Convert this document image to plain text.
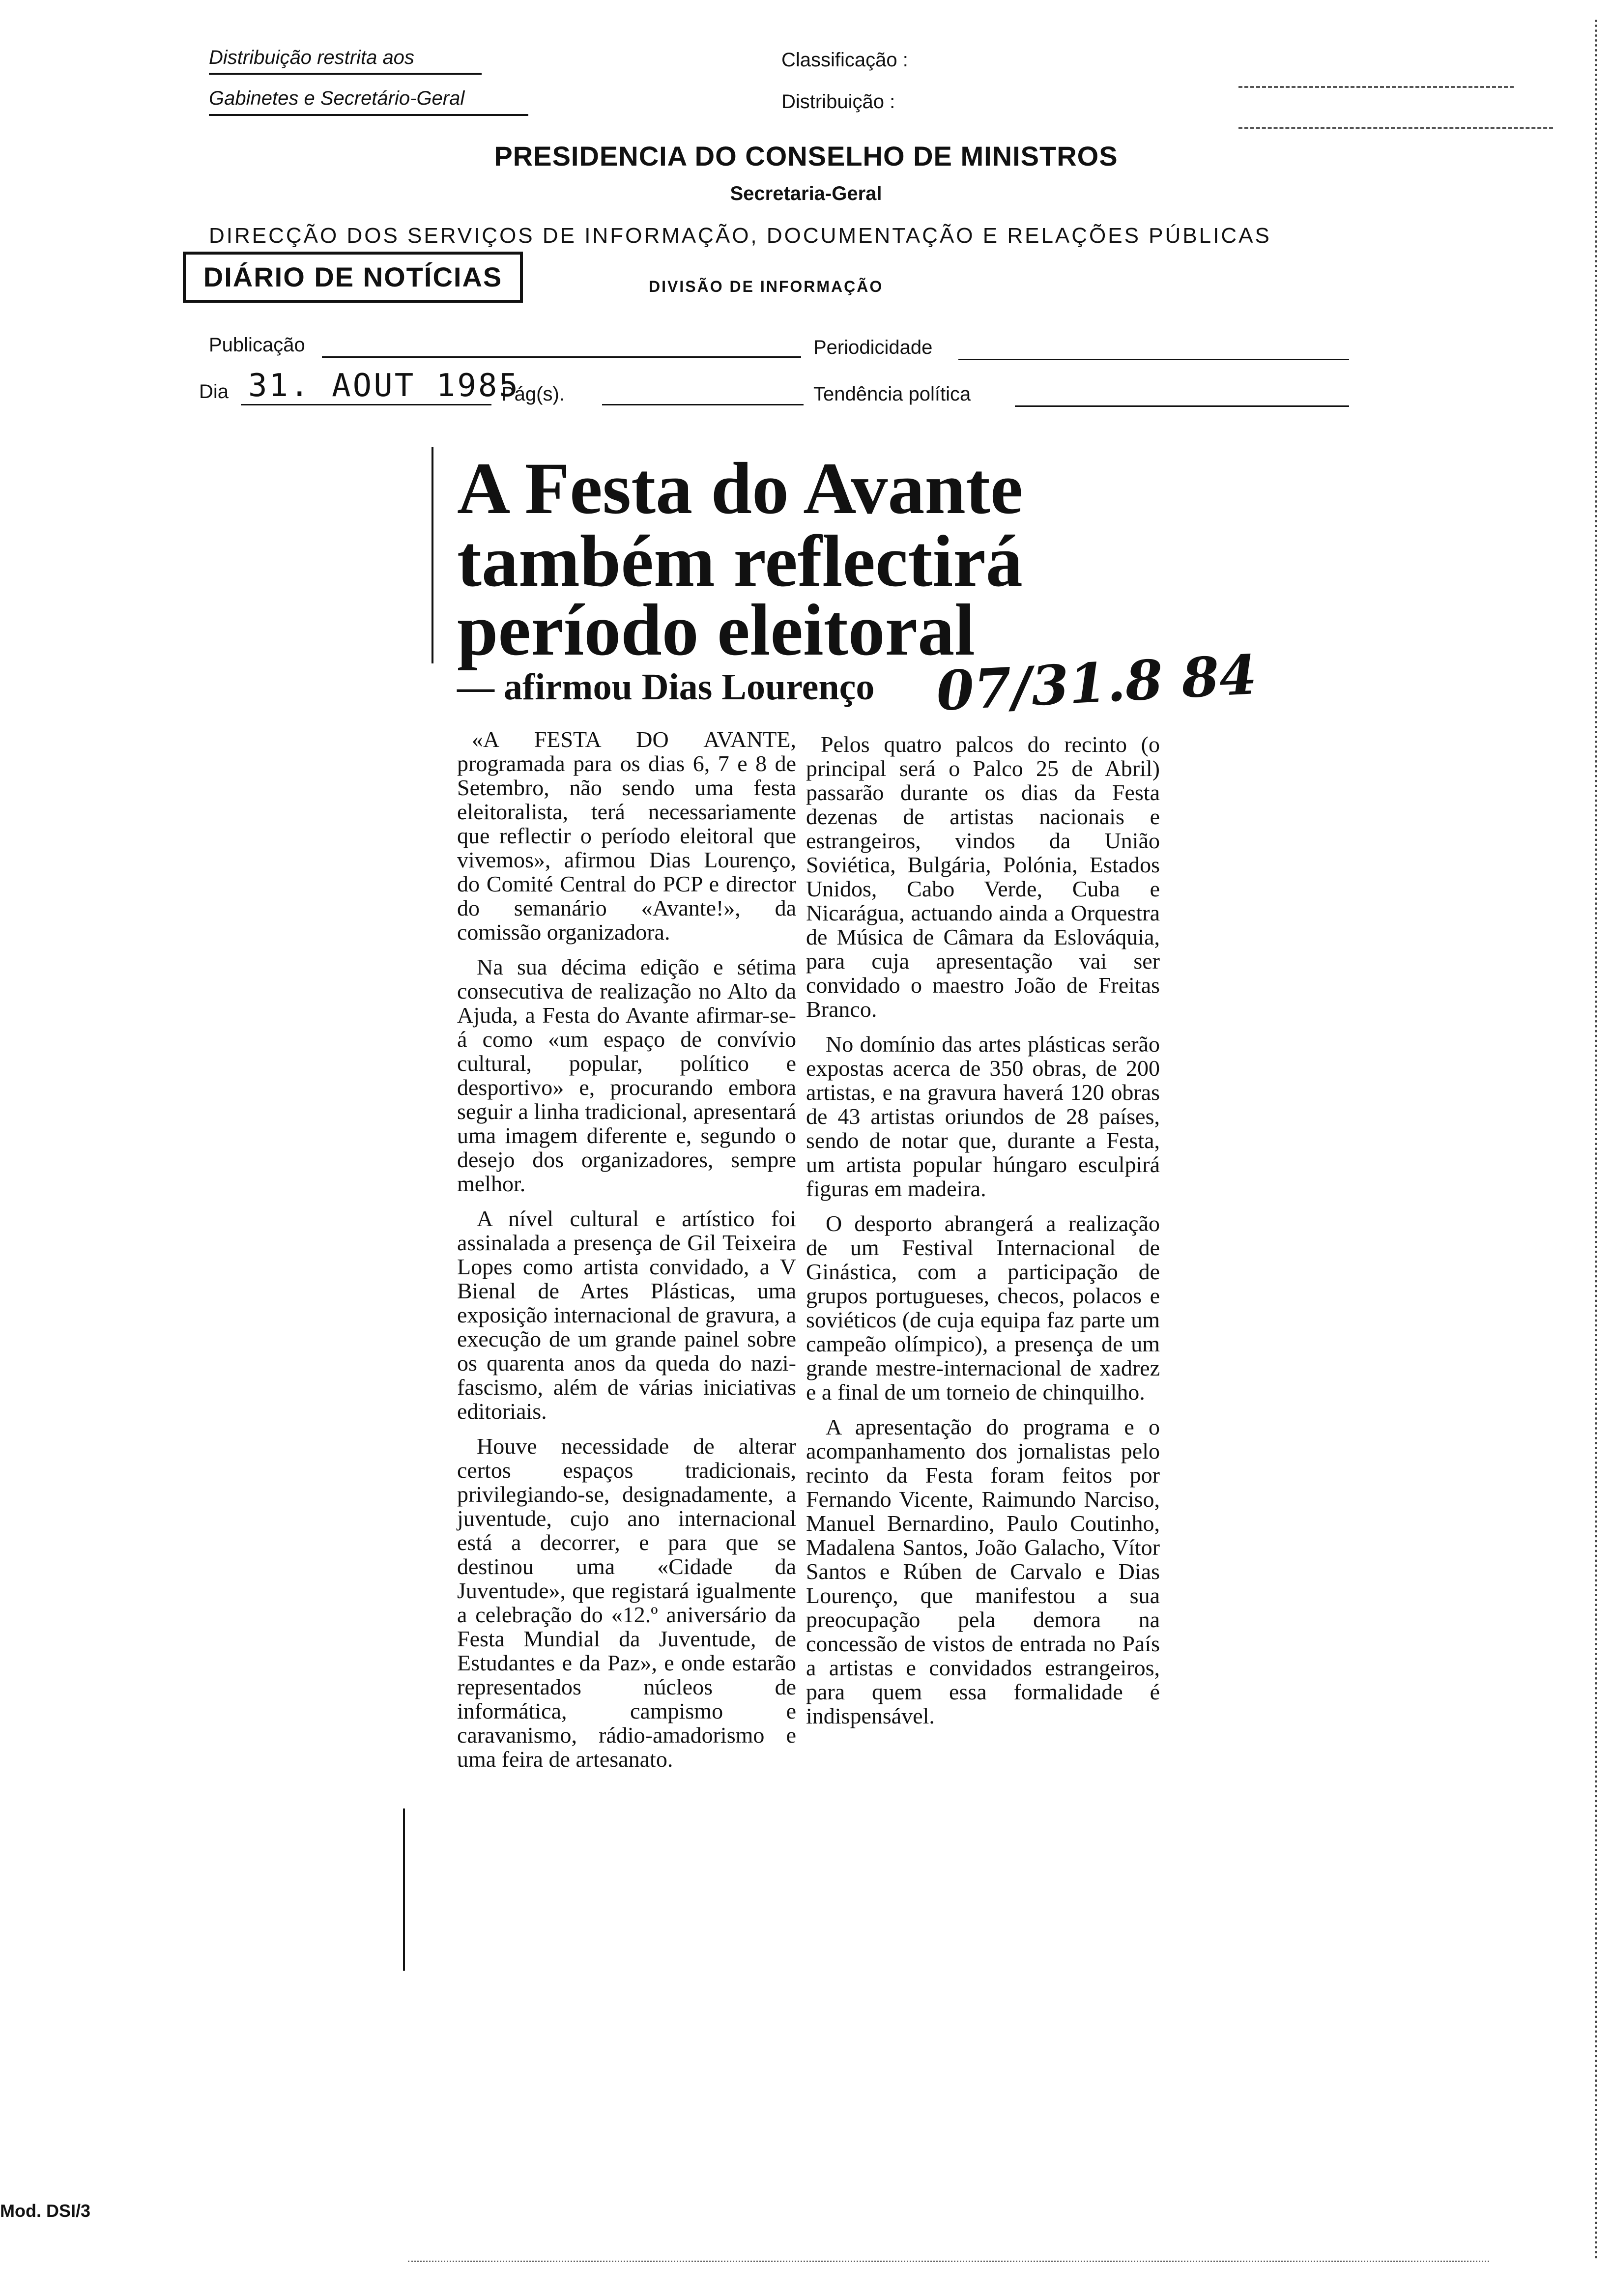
Distribuição restrita aos
Gabinetes e Secretário-Geral
Classificação :
Distribuição :
PRESIDENCIA DO CONSELHO DE MINISTROS
Secretaria-Geral
DIRECÇÃO DOS SERVIÇOS DE INFORMAÇÃO, DOCUMENTAÇÃO E RELAÇÕES PÚBLICAS
DIÁRIO DE NOTÍCIAS	DIVISÃO DE INFORMAÇÃO
Publicação	Periodicidade
Dia 31. AOUT 1985
Pág(s).	Tendência política
A Festa do Avante
também reflectirá
período eleitoral
— afirmou Dias Lourenço 07/31.8 84

«A FESTA DO AVANTE, programada para os dias 6, 7 e 8 de Setembro, não sendo uma festa eleitoralista, terá necessariamente que reflectir o período eleitoral que vivemos», afirmou Dias Lourenço, do Comité Central do PCP e director do semanário «Avante!», da comissão organizadora.

Na sua décima edição e sétima consecutiva de realização no Alto da Ajuda, a Festa do Avante afirmar-se-á como «um espaço de convívio cultural, popular, político e desportivo» e, procurando embora seguir a linha tradicional, apresentará uma imagem diferente e, segundo o desejo dos organizadores, sempre melhor.

A nível cultural e artístico foi assinalada a presença de Gil Teixeira Lopes como artista convidado, a V Bienal de Artes Plásticas, uma exposição internacional de gravura, a execução de um grande painel sobre os quarenta anos da queda do nazi-fascismo, além de várias iniciativas editoriais.

Houve necessidade de alterar certos espaços tradicionais, privilegiando-se, designadamente, a juventude, cujo ano internacional está a decorrer, e para que se destinou uma «Cidade da Juventude», que registará igualmente a celebração do «12.º aniversário da Festa Mundial da Juventude, de Estudantes e da Paz», e onde estarão representados núcleos de informática, campismo e caravanismo, rádio-amadorismo e uma feira de artesanato.

Pelos quatro palcos do recinto (o principal será o Palco 25 de Abril) passarão durante os dias da Festa dezenas de artistas nacionais e estrangeiros, vindos da União Soviética, Bulgária, Polónia, Estados Unidos, Cabo Verde, Cuba e Nicarágua, actuando ainda a Orquestra de Música de Câmara da Eslováquia, para cuja apresentação vai ser convidado o maestro João de Freitas Branco.

No domínio das artes plásticas serão expostas acerca de 350 obras, de 200 artistas, e na gravura haverá 120 obras de 43 artistas oriundos de 28 países, sendo de notar que, durante a Festa, um artista popular húngaro esculpirá figuras em madeira.

O desporto abrangerá a realização de um Festival Internacional de Ginástica, com a participação de grupos portugueses, checos, polacos e soviéticos (de cuja equipa faz parte um campeão olímpico), a presença de um grande mestre-internacional de xadrez e a final de um torneio de chinquilho.

A apresentação do programa e o acompanhamento dos jornalistas pelo recinto da Festa foram feitos por Fernando Vicente, Raimundo Narciso, Manuel Bernardino, Paulo Coutinho, Madalena Santos, João Galacho, Vítor Santos e Rúben de Carvalo e Dias Lourenço, que manifestou a sua preocupação pela demora na concessão de vistos de entrada no País a artistas e convidados estrangeiros, para quem essa formalidade é indispensável.

Mod. DSI/3
